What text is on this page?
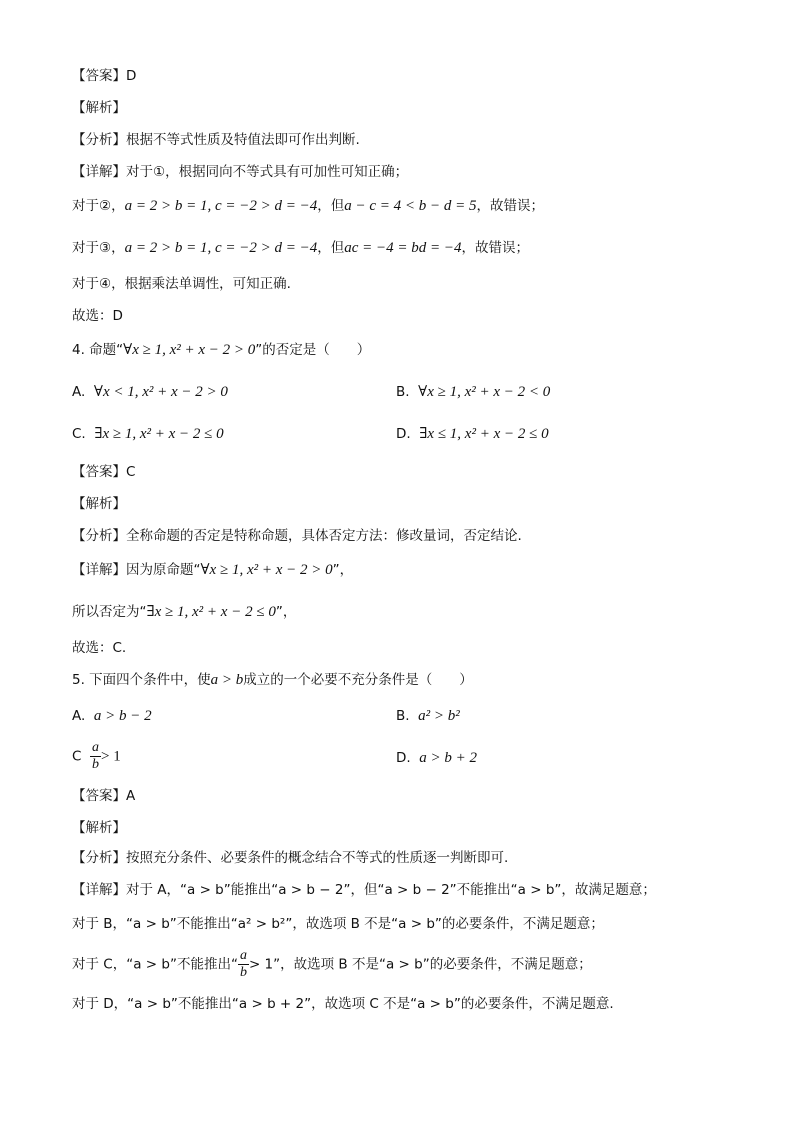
【答案】D
【解析】
【分析】根据不等式性质及特值法即可作出判断.
【详解】对于①，根据同向不等式具有可加性可知正确；
对于②，a = 2 > b = 1, c = −2 > d = −4，但a − c = 4 < b − d = 5，故错误；
对于③，a = 2 > b = 1, c = −2 > d = −4，但ac = −4 = bd = −4，故错误；
对于④，根据乘法单调性，可知正确.
故选：D
4. 命题“∀x ≥ 1, x² + x − 2 > 0”的否定是（　　）
A. ∀x < 1, x² + x − 2 > 0	B. ∀x ≥ 1, x² + x − 2 < 0
C. ∃x ≥ 1, x² + x − 2 ≤ 0	D. ∃x ≤ 1, x² + x − 2 ≤ 0
【答案】C
【解析】
【分析】全称命题的否定是特称命题，具体否定方法：修改量词，否定结论.
【详解】因为原命题“∀x ≥ 1, x² + x − 2 > 0”，
所以否定为“∃x ≥ 1, x² + x − 2 ≤ 0”，
故选：C.
5. 下面四个条件中，使a > b成立的一个必要不充分条件是（　　）
A. a > b − 2	B. a² > b²
C $\frac{a}{b} > 1$	D. a > b + 2
【答案】A
【解析】
【分析】按照充分条件、必要条件的概念结合不等式的性质逐一判断即可.
【详解】对于 A，“a > b”能推出“a > b − 2”，但“a > b − 2”不能推出“a > b”，故满足题意；
对于 B，“a > b”不能推出“a² > b²”，故选项 B 不是“a > b”的必要条件，不满足题意；
对于 C，“a > b”不能推出“ $\frac{a}{b} > 1$”，故选项 B 不是“a > b”的必要条件，不满足题意；
对于 D，“a > b”不能推出“a > b + 2”，故选项 C 不是“a > b”的必要条件，不满足题意.
